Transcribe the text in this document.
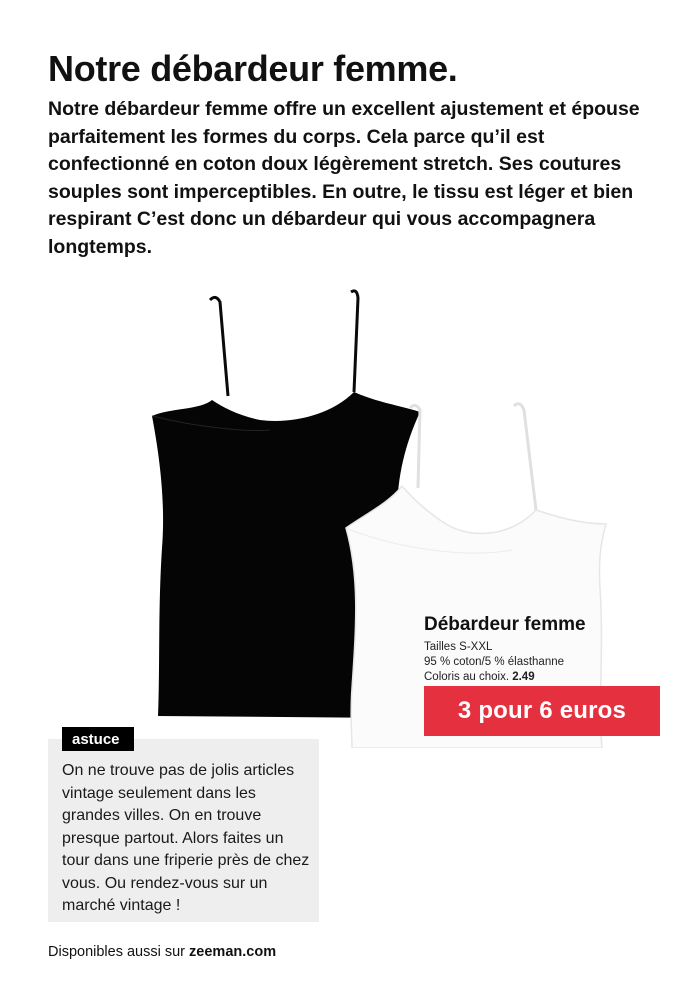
Notre débardeur femme.

Notre débardeur femme offre un excellent ajustement et épouse parfaitement les formes du corps. Cela parce qu’il est confectionné en coton doux légèrement stretch. Ses coutures souples sont imperceptibles. En outre, le tissu est léger et bien respirant C’est donc un débardeur qui vous accompagnera longtemps.

Débardeur femme
Tailles S-XXL
95 % coton/5 % élasthanne
Coloris au choix. 2.49
3 pour 6 euros
astuce

On ne trouve pas de jolis articles vintage seulement dans les grandes villes. On en trouve presque partout. Alors faites un tour dans une friperie près de chez vous. Ou rendez-vous sur un marché vintage !

Disponibles aussi sur zeeman.com
